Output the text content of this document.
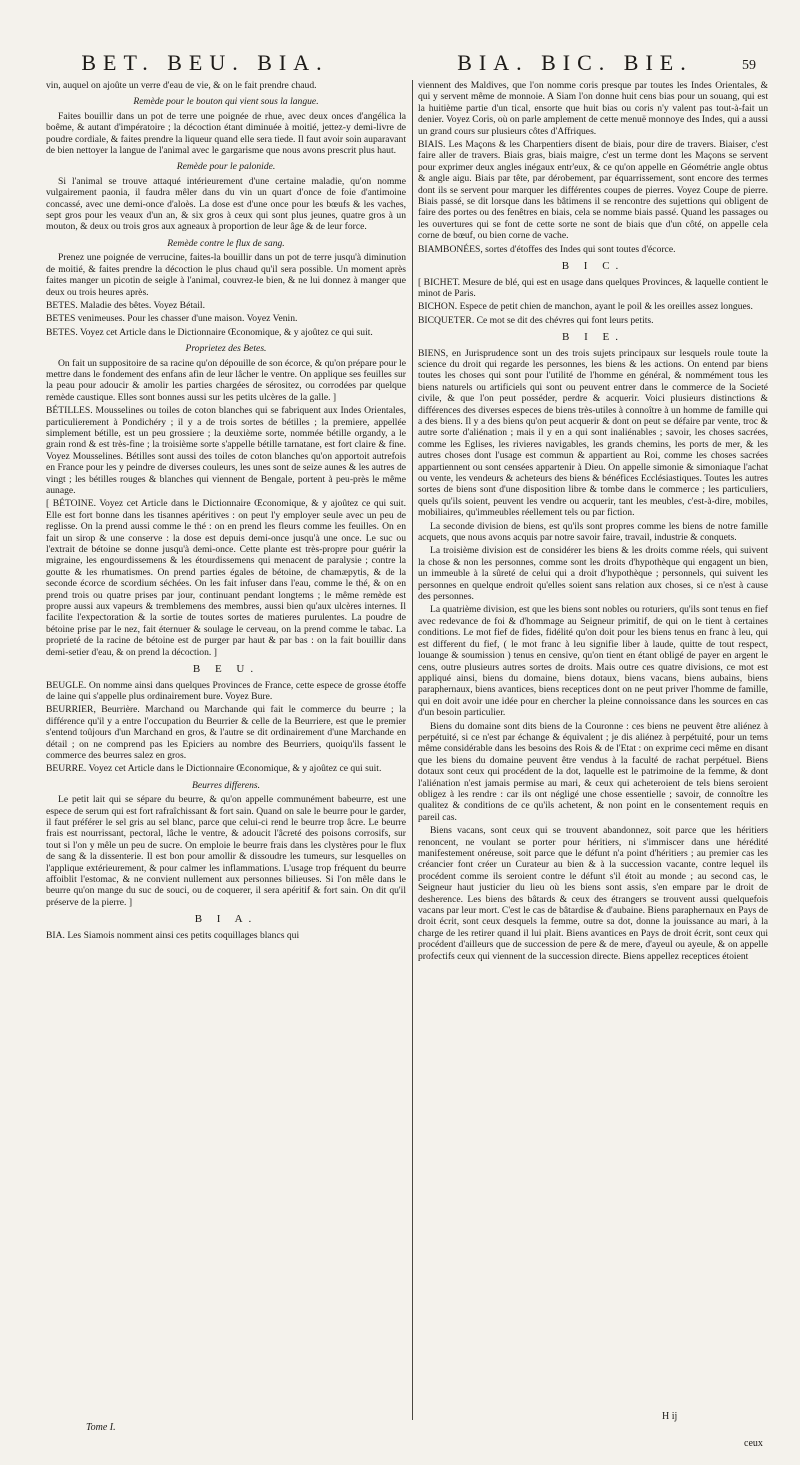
BET. BEU. BIA.	BIA. BIC. BIE.	59

vin, auquel on ajoûte un verre d'eau de vie, & on le fait prendre chaud.

Remède pour le bouton qui vient sous la langue.

Faites bouillir dans un pot de terre une poignée de rhue, avec deux onces d'angélica la boême, & autant d'impératoire ; la décoction étant diminuée à moitié, jettez-y demi-livre de poudre cordiale, & faites prendre la liqueur quand elle sera tiede. Il faut avoir soin auparavant de bien nettoyer la langue de l'animal avec le gargarisme que nous avons prescrit plus haut.

Remède pour le palonide.

Si l'animal se trouve attaqué intérieurement d'une certaine maladie, qu'on nomme vulgairement paonia, il faudra mêler dans du vin un quart d'once de foie d'antimoine concassé, avec une demi-once d'aloès. La dose est d'une once pour les bœufs & les vaches, sept gros pour les veaux d'un an, & six gros à ceux qui sont plus jeunes, quatre gros à un mouton, & deux ou trois gros aux agneaux à proportion de leur âge & de leur force.

Remède contre le flux de sang.

Prenez une poignée de verrucine, faites-la bouillir dans un pot de terre jusqu'à diminution de moitié, & faites prendre la décoction le plus chaud qu'il sera possible. Un moment après faites manger un picotin de seigle à l'animal, couvrez-le bien, & ne lui donnez à manger que deux ou trois heures après.

BETES. Maladie des bêtes. Voyez Bétail.

BETES venimeuses. Pour les chasser d'une maison. Voyez Venin.

BETES. Voyez cet Article dans le Dictionnaire Œconomique, & y ajoûtez ce qui suit.

Proprietez des Betes.

On fait un suppositoire de sa racine qu'on dépouille de son écorce, & qu'on prépare pour le mettre dans le fondement des enfans afin de leur lâcher le ventre. On applique ses feuilles sur la peau pour adoucir & amolir les parties chargées de sérositez, ou corrodées par quelque remède caustique. Elles sont bonnes aussi sur les petits ulcères de la galle. ]

BÉTILLES. Mousselines ou toiles de coton blanches qui se fabriquent aux Indes Orientales, particulierement à Pondichéry ; il y a de trois sortes de bétilles ; la premiere, appellée simplement bétille, est un peu grossiere ; la deuxième sorte, nommée bétille organdy, a le grain rond & est très-fine ; la troisième sorte s'appelle bétille tarnatane, est fort claire & fine. Voyez Mousselines. Bétilles sont aussi des toiles de coton blanches qu'on apportoit autrefois en France pour les y peindre de diverses couleurs, les unes sont de seize aunes & les autres de vingt ; les bétilles rouges & blanches qui viennent de Bengale, portent à peu-près le même aunage.

[ BÉTOINE. Voyez cet Article dans le Dictionnaire Œconomique, & y ajoûtez ce qui suit. Elle est fort bonne dans les tisannes apéritives : on peut l'y employer seule avec un peu de reglisse. On la prend aussi comme le thé : on en prend les fleurs comme les feuilles. On en fait un sirop & une conserve : la dose est depuis demi-once jusqu'à une once. Le suc ou l'extrait de bétoine se donne jusqu'à demi-once. Cette plante est très-propre pour guérir la migraine, les engourdissemens & les étourdissemens qui menacent de paralysie ; contre la goutte & les rhumatismes. On prend parties égales de bétoine, de chamæpytis, & de la seconde écorce de scordium séchées. On les fait infuser dans l'eau, comme le thé, & on en prend trois ou quatre prises par jour, continuant pendant longtems ; le même remède est propre aussi aux vapeurs & tremblemens des membres, aussi bien qu'aux ulcères internes. Il facilite l'expectoration & la sortie de toutes sortes de matieres purulentes. La poudre de bétoine prise par le nez, fait éternuer & soulage le cerveau, on la prend comme le tabac. La proprieté de la racine de bétoine est de purger par haut & par bas : on la fait bouillir dans demi-setier d'eau, & on prend la décoction. ]

B E U.

BEUGLE. On nomme ainsi dans quelques Provinces de France, cette espece de grosse étoffe de laine qui s'appelle plus ordinairement bure. Voyez Bure.

BEURRIER, Beurrière. Marchand ou Marchande qui fait le commerce du beurre ; la différence qu'il y a entre l'occupation du Beurrier & celle de la Beurriere, est que le premier s'entend toûjours d'un Marchand en gros, & l'autre se dit ordinairement d'une Marchande en détail ; on ne comprend pas les Epiciers au nombre des Beurriers, quoiqu'ils fassent le commerce des beurres salez en gros.

BEURRE. Voyez cet Article dans le Dictionnaire Œconomique, & y ajoûtez ce qui suit.

Beurres differens.

Le petit lait qui se sépare du beurre, & qu'on appelle communément babeurre, est une espece de serum qui est fort rafraîchissant & fort sain. Quand on sale le beurre pour le garder, il faut préférer le sel gris au sel blanc, parce que celui-ci rend le beurre trop âcre. Le beurre frais est nourrissant, pectoral, lâche le ventre, & adoucit l'âcreté des poisons corrosifs, sur tout si l'on y mêle un peu de sucre. On emploie le beurre frais dans les clystères pour le flux de sang & la dissenterie. Il est bon pour amollir & dissoudre les tumeurs, sur lesquelles on l'applique extérieurement, & pour calmer les inflammations. L'usage trop fréquent du beurre affoiblit l'estomac, & ne convient nullement aux personnes bilieuses. Si l'on mêle dans le beurre qu'on mange du suc de souci, ou de coquerer, il sera apéritif & fort sain. On dit qu'il préserve de la pierre. ]

B I A.

BIA. Les Siamois nomment ainsi ces petits coquillages blancs qui

viennent des Maldives, que l'on nomme coris presque par toutes les Indes Orientales, & qui y servent même de monnoie. A Siam l'on donne huit cens bias pour un souang, qui est la huitième partie d'un tical, ensorte que huit bias ou coris n'y valent pas tout-à-fait un denier. Voyez Coris, où on parle amplement de cette menuë monnoye des Indes, qui a aussi un grand cours sur plusieurs côtes d'Affriques.

BIAIS. Les Maçons & les Charpentiers disent de biais, pour dire de travers. Biaiser, c'est faire aller de travers. Biais gras, biais maigre, c'est un terme dont les Maçons se servent pour exprimer deux angles inégaux entr'eux, & ce qu'on appelle en Géométrie angle obtus & angle aigu. Biais par tête, par dérobement, par équarrissement, sont encore des termes dont ils se servent pour marquer les différentes coupes de pierres. Voyez Coupe de pierre. Biais passé, se dit lorsque dans les bâtimens il se rencontre des sujettions qui obligent de faire des portes ou des fenêtres en biais, cela se nomme biais passé. Quand les passages ou les ouvertures qui se font de cette sorte ne sont de biais que d'un côté, on appelle cela corne de bœuf, ou bien corne de vache.

BIAMBONÉES, sortes d'étoffes des Indes qui sont toutes d'écorce.

B I C.

[ BICHET. Mesure de blé, qui est en usage dans quelques Provinces, & laquelle contient le minot de Paris.

BICHON. Espece de petit chien de manchon, ayant le poil & les oreilles assez longues.

BICQUETER. Ce mot se dit des chévres qui font leurs petits.

B I E.

BIENS, en Jurisprudence sont un des trois sujets principaux sur lesquels roule toute la science du droit qui regarde les personnes, les biens & les actions. On entend par biens toutes les choses qui sont pour l'utilité de l'homme en général, & nommément tous les biens naturels ou artificiels qui sont ou peuvent entrer dans le commerce de la Societé civile, & que l'on peut posséder, perdre & acquerir. Voici plusieurs distinctions & différences des diverses especes de biens très-utiles à connoître à un homme de famille qui a des biens. Il y a des biens qu'on peut acquerir & dont on peut se défaire par vente, troc & autre sorte d'aliénation ; mais il y en a qui sont inaliénables ; savoir, les choses sacrées, comme les Eglises, les rivieres navigables, les grands chemins, les ports de mer, & les autres choses dont l'usage est commun & appartient au Roi, comme les choses sacrées appartiennent ou sont censées appartenir à Dieu. On appelle simonie & simoniaque l'achat ou vente, les vendeurs & acheteurs des biens & bénéfices Ecclésiastiques. Toutes les autres sortes de biens sont d'une disposition libre & tombe dans le commerce ; les particuliers, quels qu'ils soient, peuvent les vendre ou acquerir, tant les meubles, c'est-à-dire, mobiles, mobiliaires, qu'immeubles réellement tels ou par fiction.

La seconde division de biens, est qu'ils sont propres comme les biens de notre famille acquets, que nous avons acquis par notre savoir faire, travail, industrie & conquets.

La troisième division est de considérer les biens & les droits comme réels, qui suivent la chose & non les personnes, comme sont les droits d'hypothèque qui engagent un bien, un immeuble à la sûreté de celui qui a droit d'hypothèque ; personnels, qui suivent les personnes en quelque endroit qu'elles soient sans relation aux choses, si ce n'est à cause des personnes.

La quatrième division, est que les biens sont nobles ou roturiers, qu'ils sont tenus en fief avec redevance de foi & d'hommage au Seigneur primitif, de qui on le tient à certaines conditions. Le mot fief de fides, fidélité qu'on doit pour les biens tenus en franc à leu, qui est different du fief, ( le mot franc à leu signifie liber à laude, quitte de tout respect, louange & soumission ) tenus en censive, qu'on tient en étant obligé de payer en argent le cens, outre plusieurs autres sortes de droits. Mais outre ces quatre divisions, ce mot est appliqué ainsi, biens du domaine, biens dotaux, biens vacans, biens aubains, biens paraphernaux, biens avantices, biens receptices dont on ne peut priver l'homme de famille, qui en doit avoir une idée pour en chercher la pleine connoissance dans les sources en cas d'un besoin particulier.

Biens du domaine sont dits biens de la Couronne : ces biens ne peuvent être aliénez à perpétuité, si ce n'est par échange & équivalent ; je dis aliénez à perpétuité, pour un tems même considérable dans les besoins des Rois & de l'Etat : on exprime ceci même en disant que les biens du domaine peuvent être vendus à la faculté de rachat perpétuel. Biens dotaux sont ceux qui procédent de la dot, laquelle est le patrimoine de la femme, & dont l'aliénation n'est jamais permise au mari, & ceux qui acheteroient de tels biens seroient obligez à les rendre : car ils ont négligé une chose essentielle ; savoir, de connoître les qualitez & conditions de ce qu'ils achetent, & non point en le consentement requis en pareil cas.

Biens vacans, sont ceux qui se trouvent abandonnez, soit parce que les héritiers renoncent, ne voulant se porter pour héritiers, ni s'immiscer dans une hérédité manifestement onéreuse, soit parce que le défunt n'a point d'héritiers ; au premier cas les créancier font créer un Curateur au bien & à la succession vacante, contre lequel ils procédent comme ils seroient contre le défunt s'il étoit au monde ; au second cas, le Seigneur haut justicier du lieu où les biens sont assis, s'en empare par le droit de desherence. Les biens des bâtards & ceux des étrangers se trouvent aussi quelquefois vacans par leur mort. C'est le cas de bâtardise & d'aubaine. Biens paraphernaux en Pays de droit écrit, sont ceux desquels la femme, outre sa dot, donne la jouissance au mari, à la charge de les retirer quand il lui plait. Biens avantices en Pays de droit écrit, sont ceux qui procédent d'ailleurs que de succession de pere & de mere, d'ayeul ou ayeule, & on appelle profectifs ceux qui viennent de la succession directe. Biens appellez receptices étoient

Tome I.
H ij
ceux
